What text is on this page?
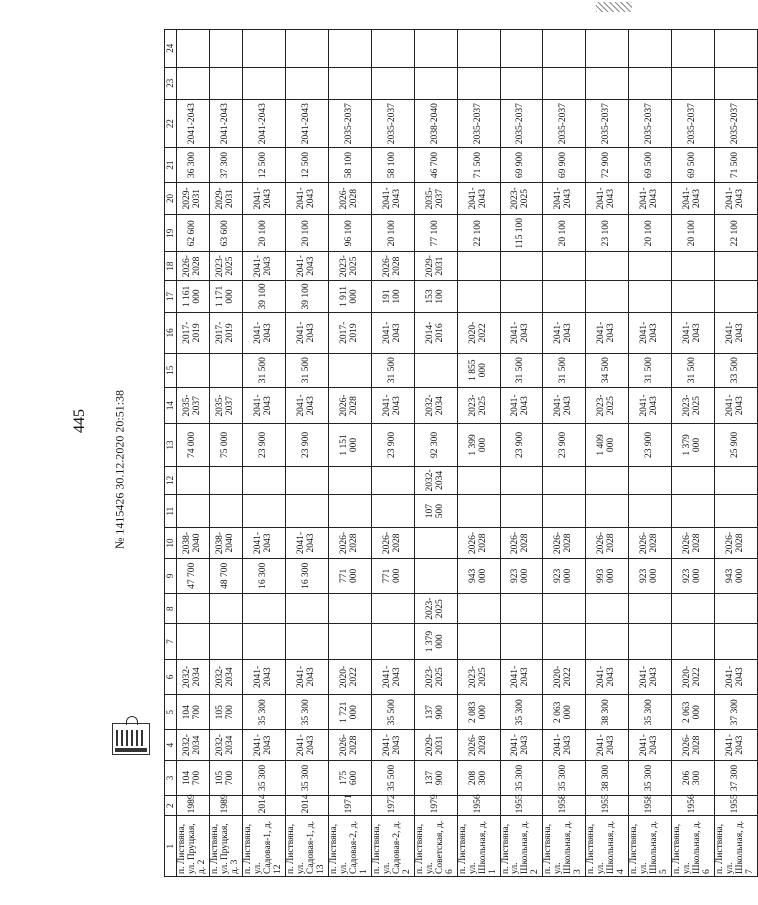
445
1	2	3	4	5	6	7	8	9	10	11	12	13	14	15	16	17	18	19	20	21	22	23	24
п. Листвяна, ул. Пруцкая, д. 2	1989	104 700	2032-2034	104 700	2032-2034			47 700	2038-2040			74 000	2035-2037		2017-2019	1 161 000	2026-2028	62 600	2029-2031	36 300	2041-2043		
п. Листвяна, ул. Пруцкая, д. 3	1989	105 700	2032-2034	105 700	2032-2034			48 700	2038-2040			75 000	2035-2037		2017-2019	1 171 000	2023-2025	63 600	2029-2031	37 300	2041-2043		
п. Листвяна, ул. Садовая-1, д. 12	2014	35 300	2041-2043	35 300	2041-2043			16 300	2041-2043			23 900	2041-2043	31 500	2041-2043	39 100	2041-2043	20 100	2041-2043	12 500	2041-2043		
п. Листвяна, ул. Садовая-1, д. 13	2014	35 300	2041-2043	35 300	2041-2043			16 300	2041-2043			23 900	2041-2043	31 500	2041-2043	39 100	2041-2043	20 100	2041-2043	12 500	2041-2043		
п. Листвяна, ул. Садовая-2, д. 1	1971	175 600	2026-2028	1 721 000	2020-2022			771 000	2026-2028			1 151 000	2026-2028		2017-2019	1 911 000	2023-2025	96 100	2026-2028	58 100	2035-2037		
п. Листвяна, ул. Садовая-2, д. 2	1972	35 500	2041-2043	35 500	2041-2043			771 000	2026-2028			23 900	2041-2043	31 500	2041-2043	191 100	2026-2028	20 100	2041-2043	58 100	2035-2037		
п. Листвяна, ул. Советская, д. 6	1979	137 900	2029-2031	137 900	2023-2025	1 379 000	2023-2025			107 500	2032-2034	92 300	2032-2034		2014-2016	153 100	2029-2031	77 100	2035-2037	46 700	2038-2040		
п. Листвяна, ул. Школьная, д. 1	1956	208 300	2026-2028	2 083 000	2023-2025			943 000	2026-2028			1 399 000	2023-2025	1 855 000	2020-2022			22 100	2041-2043	71 500	2035-2037		
п. Листвяна, ул. Школьная, д. 2	1955	35 300	2041-2043	35 300	2041-2043			923 000	2026-2028			23 900	2041-2043	31 500	2041-2043			115 100	2023-2025	69 900	2035-2037		
п. Листвяна, ул. Школьная, д. 3	1958	35 300	2041-2043	2 063 000	2020-2022			923 000	2026-2028			23 900	2041-2043	31 500	2041-2043			20 100	2041-2043	69 900	2035-2037		
п. Листвяна, ул. Школьная, д. 4	1955	38 300	2041-2043	38 300	2041-2043			993 000	2026-2028			1 409 000	2023-2025	34 500	2041-2043			23 100	2041-2043	72 900	2035-2037		
п. Листвяна, ул. Школьная, д. 5	1958	35 300	2041-2043	35 300	2041-2043			923 000	2026-2028			23 900	2041-2043	31 500	2041-2043			20 100	2041-2043	69 500	2035-2037		
п. Листвяна, ул. Школьная, д. 6	1956	206 300	2026-2028	2 063 000	2020-2022			923 000	2026-2028			1 379 000	2023-2025	31 500	2041-2043			20 100	2041-2043	69 500	2035-2037		
п. Листвяна, ул. Школьная, д. 7	1955	37 300	2041-2043	37 300	2041-2043			943 000	2026-2028			25 900	2041-2043	33 500	2041-2043			22 100	2041-2043	71 500	2035-2037		
№ 1415426 30.12.2020 20:51:38
